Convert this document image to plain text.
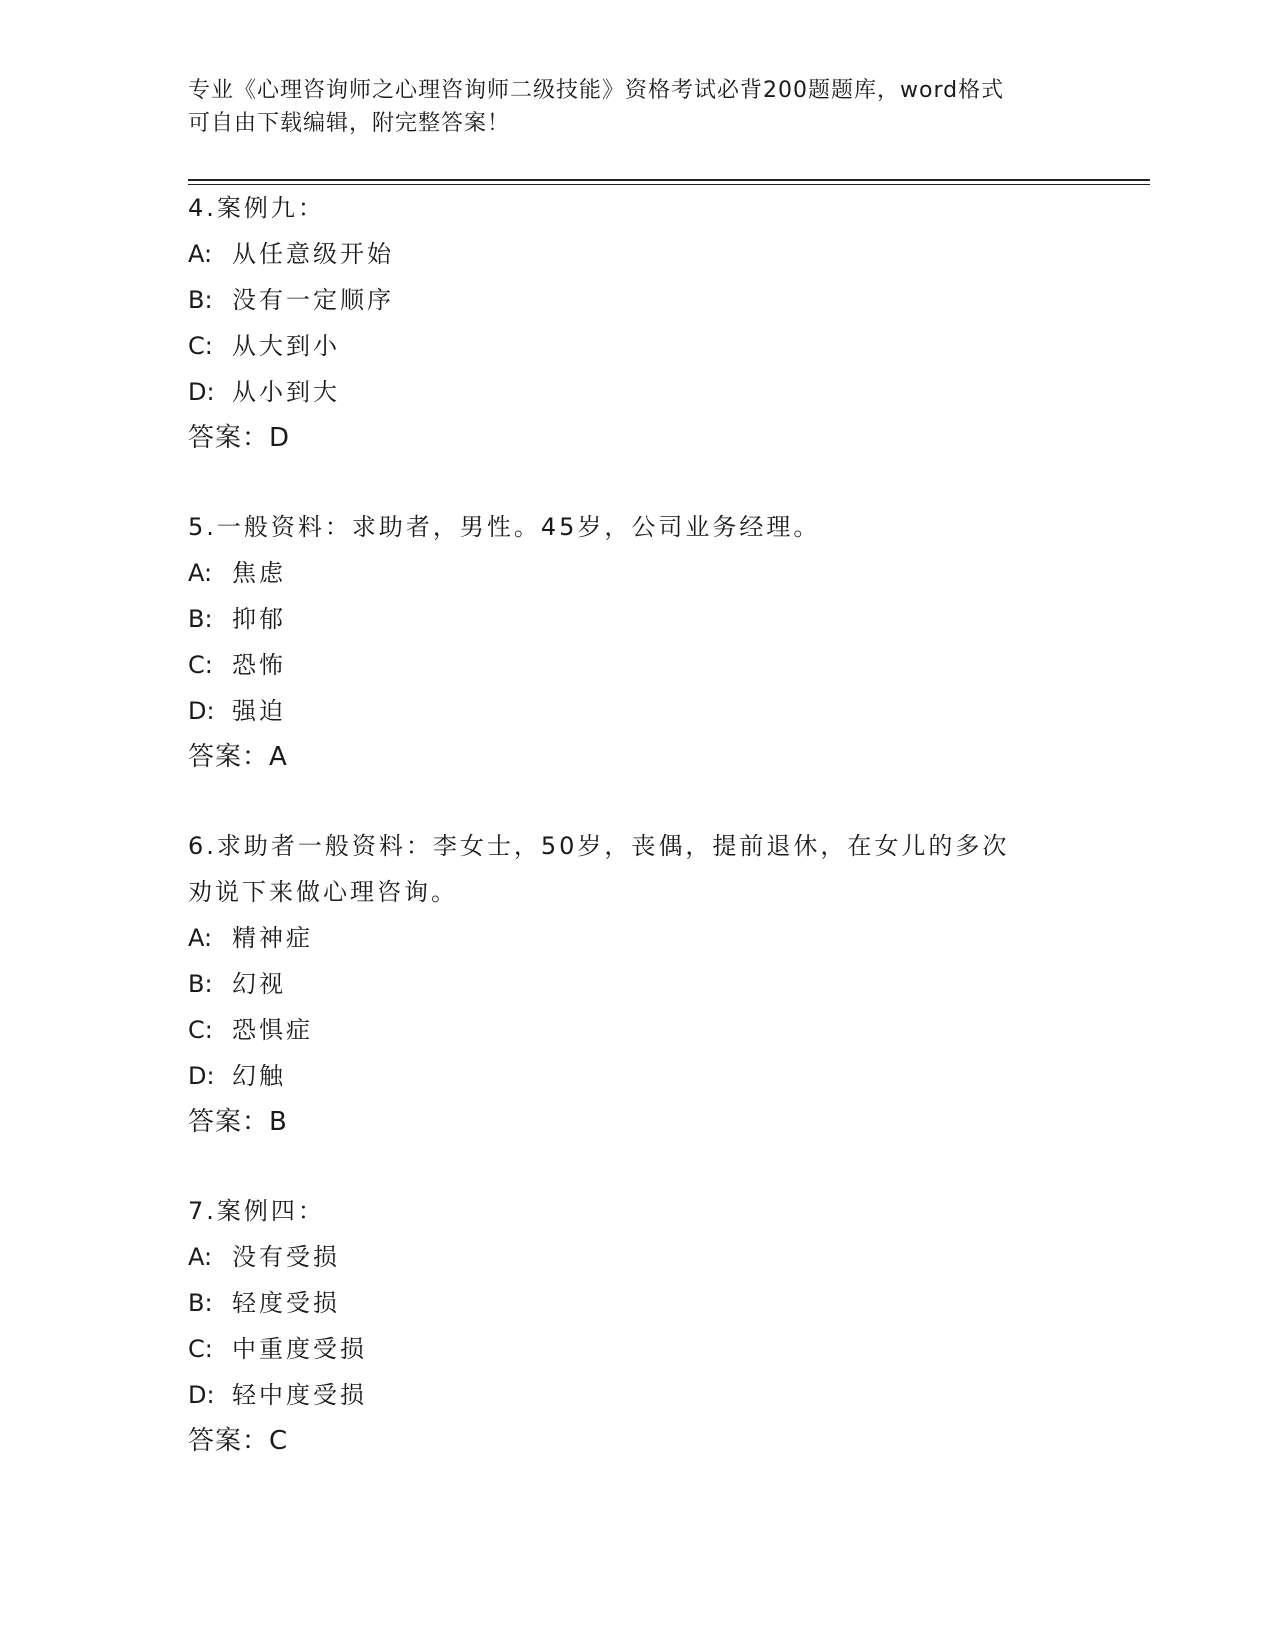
专业《心理咨询师之心理咨询师二级技能》资格考试必背200题题库，word格式
可自由下载编辑，附完整答案！

4.案例九：

A: 从任意级开始

B: 没有一定顺序

C: 从大到小

D: 从小到大

答案：D

5.一般资料：求助者，男性。45岁，公司业务经理。

A: 焦虑

B: 抑郁

C: 恐怖

D: 强迫

答案：A

6.求助者一般资料：李女士，50岁，丧偶，提前退休，在女儿的多次

劝说下来做心理咨询。

A: 精神症

B: 幻视

C: 恐惧症

D: 幻触

答案：B

7.案例四：

A: 没有受损

B: 轻度受损

C: 中重度受损

D: 轻中度受损

答案：C
